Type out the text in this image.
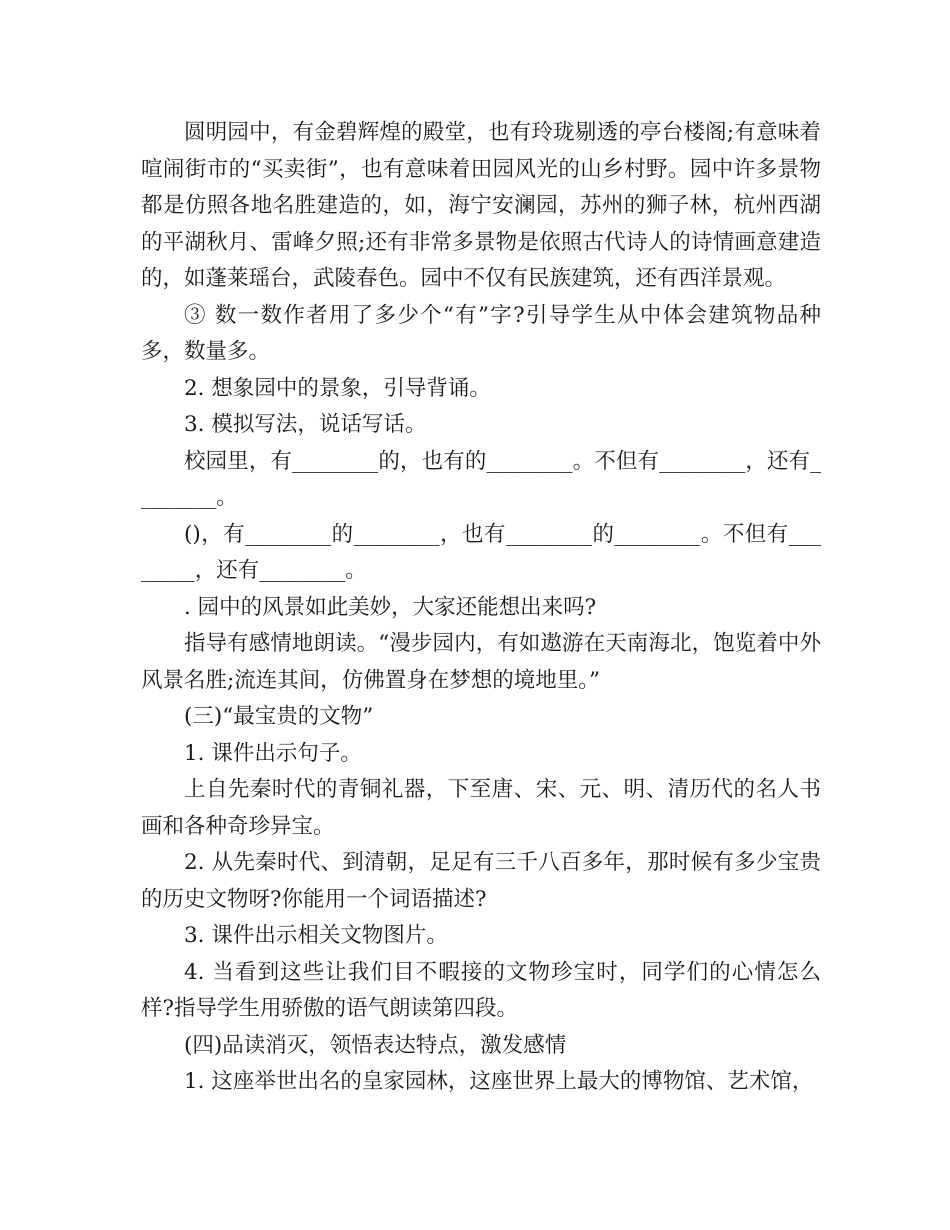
圆明园中，有金碧辉煌的殿堂，也有玲珑剔透的亭台楼阁;有意味着喧闹街市的“买卖街”，也有意味着田园风光的山乡村野。园中许多景物都是仿照各地名胜建造的，如，海宁安澜园，苏州的狮子林，杭州西湖的平湖秋月、雷峰夕照;还有非常多景物是依照古代诗人的诗情画意建造的，如蓬莱瑶台，武陵春色。园中不仅有民族建筑，还有西洋景观。

③ 数一数作者用了多少个“有”字?引导学生从中体会建筑物品种多，数量多。

2. 想象园中的景象，引导背诵。

3. 模拟写法，说话写话。

校园里，有________的，也有的________。不但有________，还有________。

()，有________的________，也有________的________。不但有________，还有________。

. 园中的风景如此美妙，大家还能想出来吗?

指导有感情地朗读。“漫步园内，有如遨游在天南海北，饱览着中外风景名胜;流连其间，仿佛置身在梦想的境地里。”

(三)“最宝贵的文物”

1. 课件出示句子。

上自先秦时代的青铜礼器，下至唐、宋、元、明、清历代的名人书画和各种奇珍异宝。

2. 从先秦时代、到清朝，足足有三千八百多年，那时候有多少宝贵的历史文物呀?你能用一个词语描述?

3. 课件出示相关文物图片。

4. 当看到这些让我们目不暇接的文物珍宝时，同学们的心情怎么样?指导学生用骄傲的语气朗读第四段。

(四)品读消灭，领悟表达特点，激发感情

1. 这座举世出名的皇家园林，这座世界上最大的博物馆、艺术馆，
